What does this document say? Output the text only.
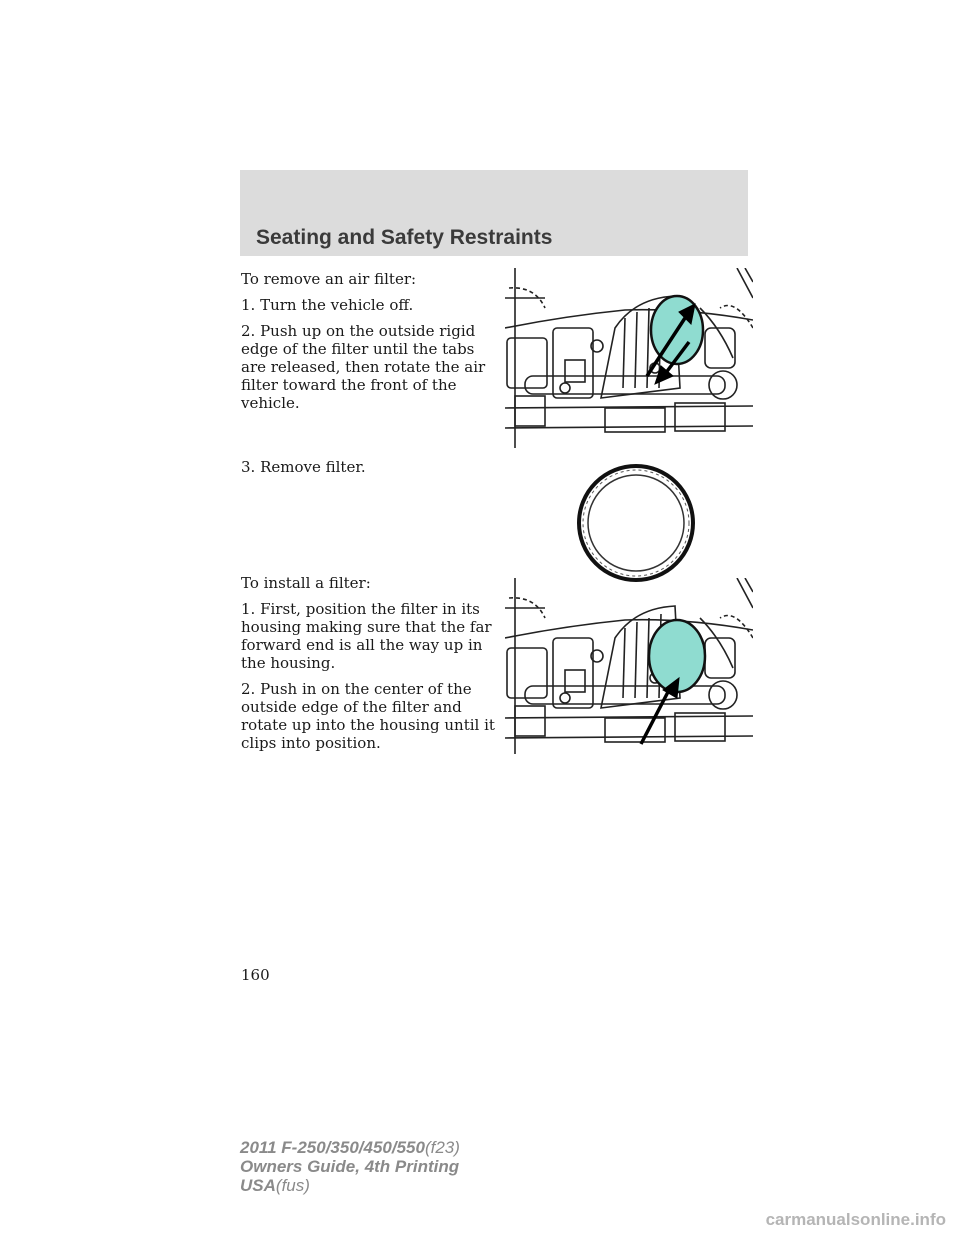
Seating and Safety Restraints

To remove an air filter:

1. Turn the vehicle off.

2. Push up on the outside rigid edge of the filter until the tabs are released, then rotate the air filter toward the front of the vehicle.

3. Remove filter.

To install a filter:

1. First, position the filter in its housing making sure that the far forward end is all the way up in the housing.

2. Push in on the center of the outside edge of the filter and rotate up into the housing until it clips into position.

160
2011 F-250/350/450/550(f23)
Owners Guide, 4th Printing
USA(fus)
carmanualsonline.info
